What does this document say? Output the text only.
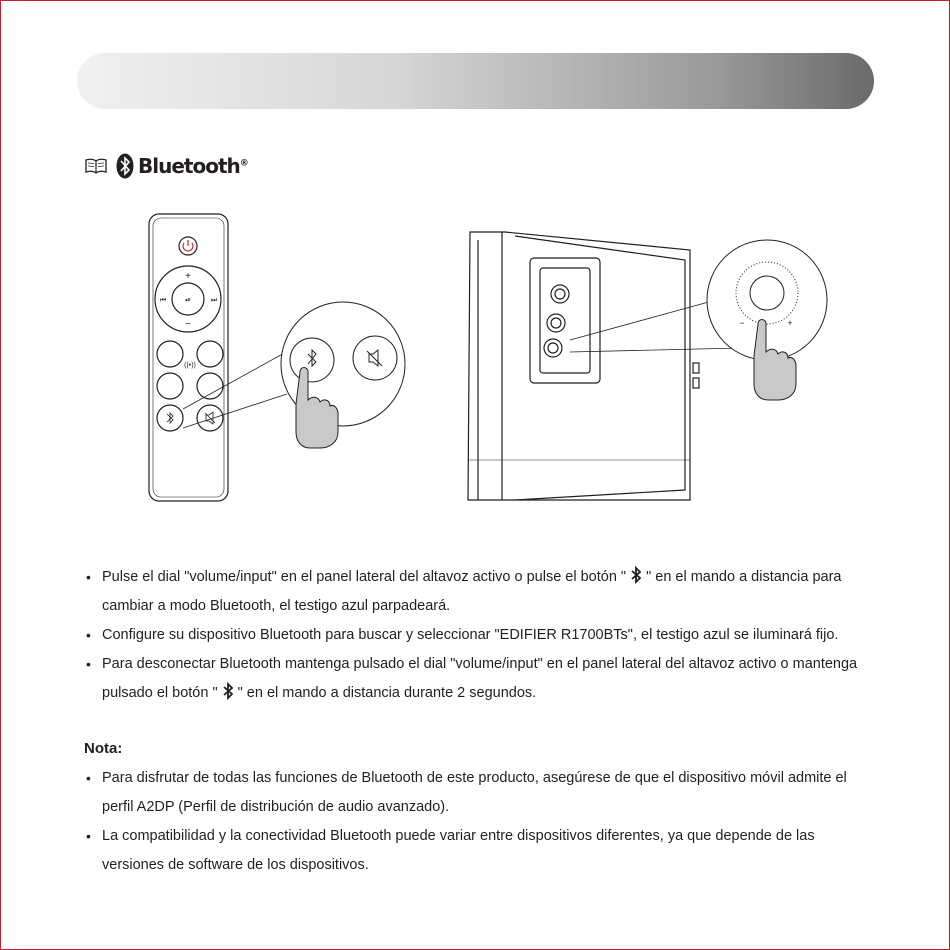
Bluetooth®
+
−
⏮	⏭
⏯
((•))
−	+
• Pulse el dial "volume/input" en el panel lateral del altavoz activo o pulse el botón " " en el mando a distancia para cambiar a modo Bluetooth, el testigo azul parpadeará.
• Configure su dispositivo Bluetooth para buscar y seleccionar "EDIFIER R1700BTs", el testigo azul se iluminará fijo.
• Para desconectar Bluetooth mantenga pulsado el dial "volume/input" en el panel lateral del altavoz activo o mantenga pulsado el botón " " en el mando a distancia durante 2 segundos.
Nota:
• Para disfrutar de todas las funciones de Bluetooth de este producto, asegúrese de que el dispositivo móvil admite el perfil A2DP (Perfil de distribución de audio avanzado).
• La compatibilidad y la conectividad Bluetooth puede variar entre dispositivos diferentes, ya que depende de las versiones de software de los dispositivos.
